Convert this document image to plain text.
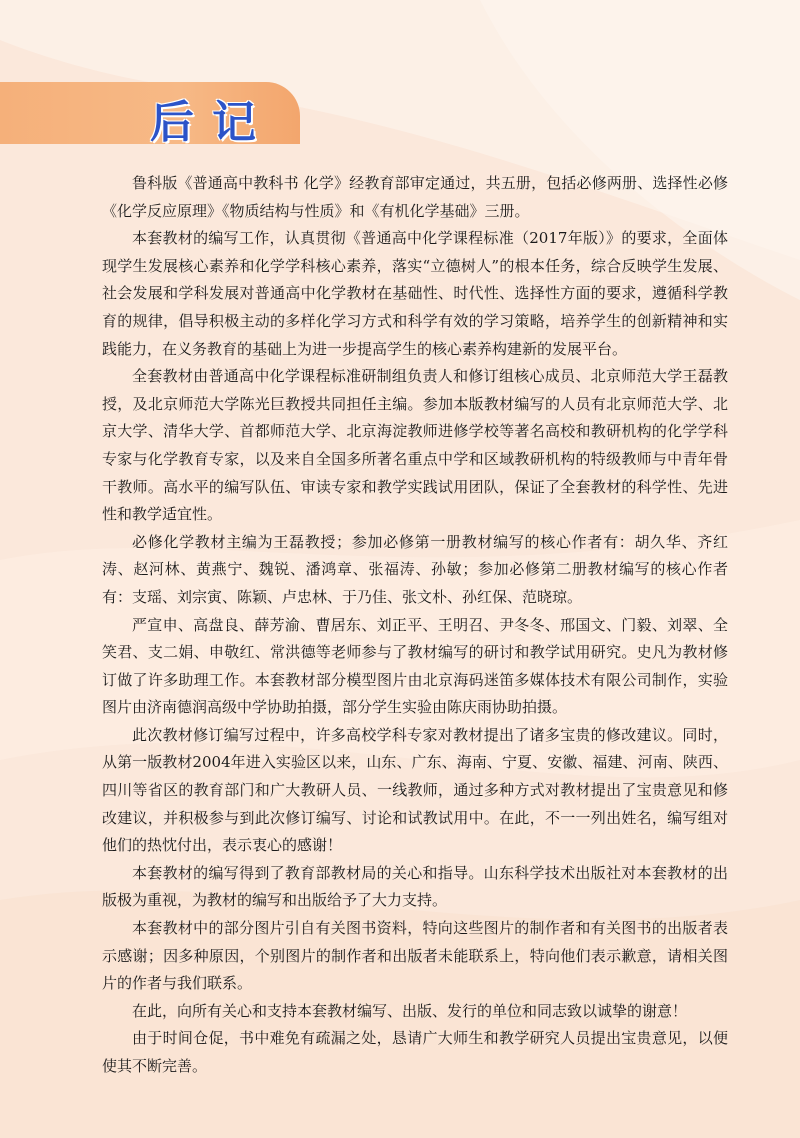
后记

鲁科版《普通高中教科书 化学》经教育部审定通过，共五册，包括必修两册、选择性必修《化学反应原理》《物质结构与性质》和《有机化学基础》三册。

本套教材的编写工作，认真贯彻《普通高中化学课程标准（2017年版）》的要求，全面体现学生发展核心素养和化学学科核心素养，落实“立德树人”的根本任务，综合反映学生发展、社会发展和学科发展对普通高中化学教材在基础性、时代性、选择性方面的要求，遵循科学教育的规律，倡导积极主动的多样化学习方式和科学有效的学习策略，培养学生的创新精神和实践能力，在义务教育的基础上为进一步提高学生的核心素养构建新的发展平台。

全套教材由普通高中化学课程标准研制组负责人和修订组核心成员、北京师范大学王磊教授，及北京师范大学陈光巨教授共同担任主编。参加本版教材编写的人员有北京师范大学、北京大学、清华大学、首都师范大学、北京海淀教师进修学校等著名高校和教研机构的化学学科专家与化学教育专家，以及来自全国多所著名重点中学和区域教研机构的特级教师与中青年骨干教师。高水平的编写队伍、审读专家和教学实践试用团队，保证了全套教材的科学性、先进性和教学适宜性。

必修化学教材主编为王磊教授；参加必修第一册教材编写的核心作者有：胡久华、齐红涛、赵河林、黄燕宁、魏锐、潘鸿章、张福涛、孙敏；参加必修第二册教材编写的核心作者有：支瑶、刘宗寅、陈颖、卢忠林、于乃佳、张文朴、孙红保、范晓琼。

严宣申、高盘良、薛芳渝、曹居东、刘正平、王明召、尹冬冬、邢国文、门毅、刘翠、全笑君、支二娟、申敬红、常洪德等老师参与了教材编写的研讨和教学试用研究。史凡为教材修订做了许多助理工作。本套教材部分模型图片由北京海码迷笛多媒体技术有限公司制作，实验图片由济南德润高级中学协助拍摄，部分学生实验由陈庆雨协助拍摄。

此次教材修订编写过程中，许多高校学科专家对教材提出了诸多宝贵的修改建议。同时，从第一版教材2004年进入实验区以来，山东、广东、海南、宁夏、安徽、福建、河南、陕西、四川等省区的教育部门和广大教研人员、一线教师，通过多种方式对教材提出了宝贵意见和修改建议，并积极参与到此次修订编写、讨论和试教试用中。在此，不一一列出姓名，编写组对他们的热忱付出，表示衷心的感谢！

本套教材的编写得到了教育部教材局的关心和指导。山东科学技术出版社对本套教材的出版极为重视，为教材的编写和出版给予了大力支持。

本套教材中的部分图片引自有关图书资料，特向这些图片的制作者和有关图书的出版者表示感谢；因多种原因，个别图片的制作者和出版者未能联系上，特向他们表示歉意，请相关图片的作者与我们联系。

在此，向所有关心和支持本套教材编写、出版、发行的单位和同志致以诚挚的谢意！

由于时间仓促，书中难免有疏漏之处，恳请广大师生和教学研究人员提出宝贵意见，以便使其不断完善。
